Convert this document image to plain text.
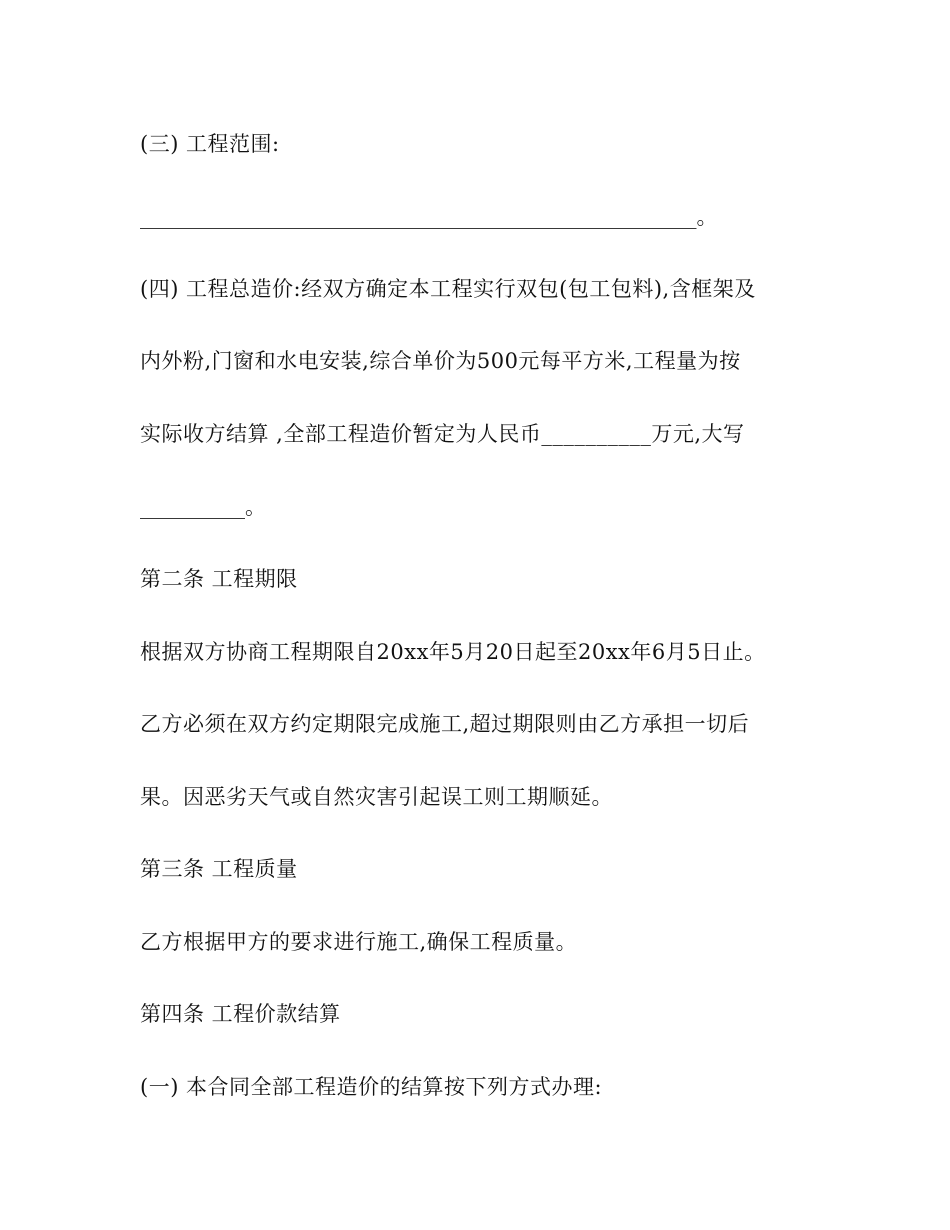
(三) 工程范围:
_____________________________________________________。
(四) 工程总造价:经双方确定本工程实行双包(包工包料),含框架及
内外粉,门窗和水电安装,综合单价为500元每平方米,工程量为按
实际收方结算 ,全部工程造价暂定为人民币__________万元,大写
__________。
第二条 工程期限
根据双方协商工程期限自20xx年5月20日起至20xx年6月5日止。
乙方必须在双方约定期限完成施工,超过期限则由乙方承担一切后
果。因恶劣天气或自然灾害引起误工则工期顺延。
第三条 工程质量
乙方根据甲方的要求进行施工,确保工程质量。
第四条 工程价款结算
(一) 本合同全部工程造价的结算按下列方式办理:
